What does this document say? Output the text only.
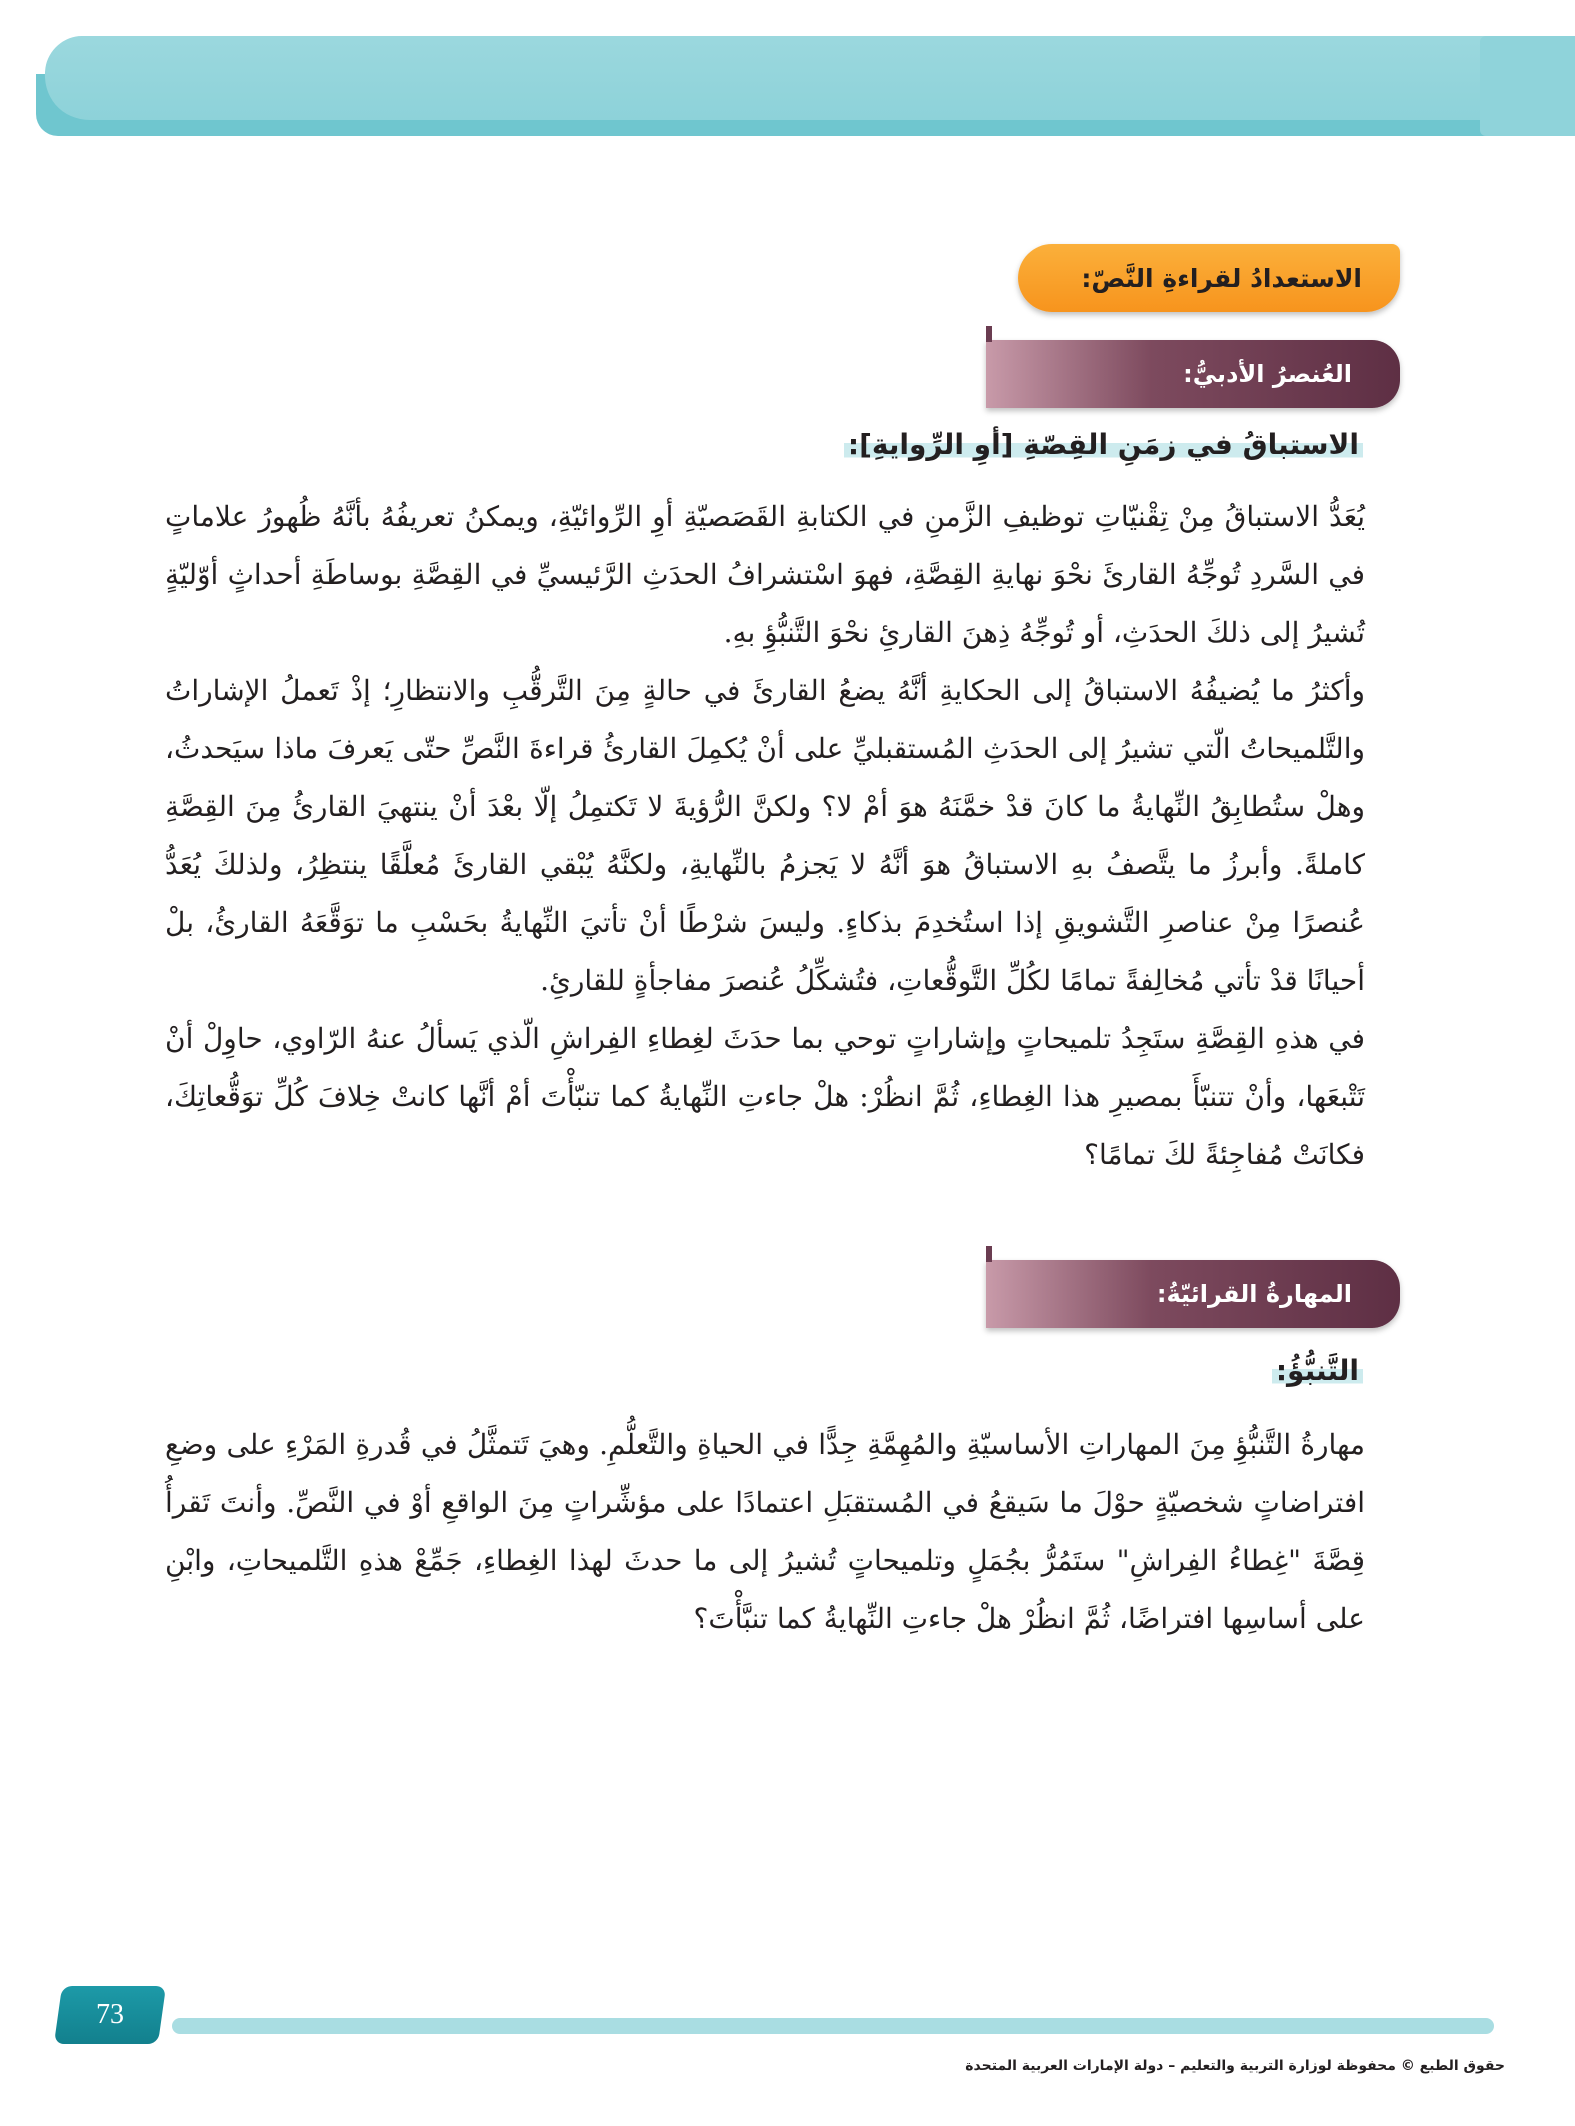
الاستعدادُ لقراءةِ النَّصّ:
العُنصرُ الأدبيُّ:
الاستباقُ في زمَنِ القِصّةِ [أوِ الرِّوايةِ]:

يُعَدُّ الاستباقُ مِنْ تِقْنيّاتِ توظيفِ الزَّمنِ في الكتابةِ القَصَصيّةِ أوِ الرِّوائيّةِ، ويمكنُ تعريفُهُ بأنَّهُ ظُهورُ علاماتٍ في السَّردِ تُوجِّهُ القارئَ نحْوَ نهايةِ القِصَّةِ، فهوَ اسْتشرافُ الحدَثِ الرَّئيسيِّ في القِصَّةِ بوساطَةِ أحداثٍ أوّليّةٍ تُشيرُ إلى ذلكَ الحدَثِ، أو تُوجِّهُ ذِهنَ القارئِ نحْوَ التَّنبُّؤِ بهِ.

وأكثرُ ما يُضيفُهُ الاستباقُ إلى الحكايةِ أنَّهُ يضعُ القارئَ في حالةٍ مِنَ التَّرقُّبِ والانتظارِ؛ إذْ تَعملُ الإشاراتُ والتَّلميحاتُ الّتي تشيرُ إلى الحدَثِ المُستقبليِّ على أنْ يُكمِلَ القارئُ قراءةَ النَّصِّ حتّى يَعرفَ ماذا سيَحدثُ، وهلْ ستُطابِقُ النِّهايةُ ما كانَ قدْ خمَّنَهُ هوَ أمْ لا؟ ولكنَّ الرُّؤيةَ لا تَكتمِلُ إلّا بعْدَ أنْ ينتهيَ القارئُ مِنَ القِصَّةِ كاملةً. وأبرزُ ما يتَّصفُ بهِ الاستباقُ هوَ أنَّهُ لا يَجزمُ بالنِّهايةِ، ولكنَّهُ يُبْقي القارئَ مُعلَّقًا ينتظِرُ، ولذلكَ يُعَدُّ عُنصرًا مِنْ عناصرِ التَّشويقِ إذا استُخدِمَ بذكاءٍ. وليسَ شرْطًا أنْ تأتيَ النِّهايةُ بحَسْبِ ما توَقَّعَهُ القارئُ، بلْ أحيانًا قدْ تأتي مُخالِفةً تمامًا لكُلِّ التَّوقُّعاتِ، فتُشكِّلُ عُنصرَ مفاجأةٍ للقارئِ.

في هذهِ القِصَّةِ ستَجِدُ تلميحاتٍ وإشاراتٍ توحي بما حدَثَ لغِطاءِ الفِراشِ الّذي يَسألُ عنهُ الرّاوي، حاوِلْ أنْ تَتْبعَها، وأنْ تتنبّأَ بمصيرِ هذا الغِطاءِ، ثُمَّ انظُرْ: هلْ جاءتِ النِّهايةُ كما تنبّأْتَ أمْ أنَّها كانتْ خِلافَ كُلِّ توَقُّعاتِكَ، فكانَتْ مُفاجِئةً لكَ تمامًا؟

المهارةُ القرائيّةُ:
التَّنبُّؤُ:

مهارةُ التَّنبُّؤِ مِنَ المهاراتِ الأساسيّةِ والمُهِمَّةِ جِدًّا في الحياةِ والتَّعلُّمِ. وهيَ تَتمثَّلُ في قُدرةِ المَرْءِ على وضعِ افتراضاتٍ شخصيّةٍ حوْلَ ما سَيقعُ في المُستقبَلِ اعتمادًا على مؤشِّراتٍ مِنَ الواقعِ أوْ في النَّصِّ. وأنتَ تَقرأُ قِصَّةَ "غِطاءُ الفِراشِ" ستَمُرُّ بجُمَلٍ وتلميحاتٍ تُشيرُ إلى ما حدثَ لهذا الغِطاءِ، جَمِّعْ هذهِ التَّلميحاتِ، وابْنِ على أساسِها افتراضًا، ثُمَّ انظُرْ هلْ جاءتِ النِّهايةُ كما تنبَّأْتَ؟

73
حقوق الطبع © محفوظة لوزارة التربية والتعليم – دولة الإمارات العربية المتحدة
